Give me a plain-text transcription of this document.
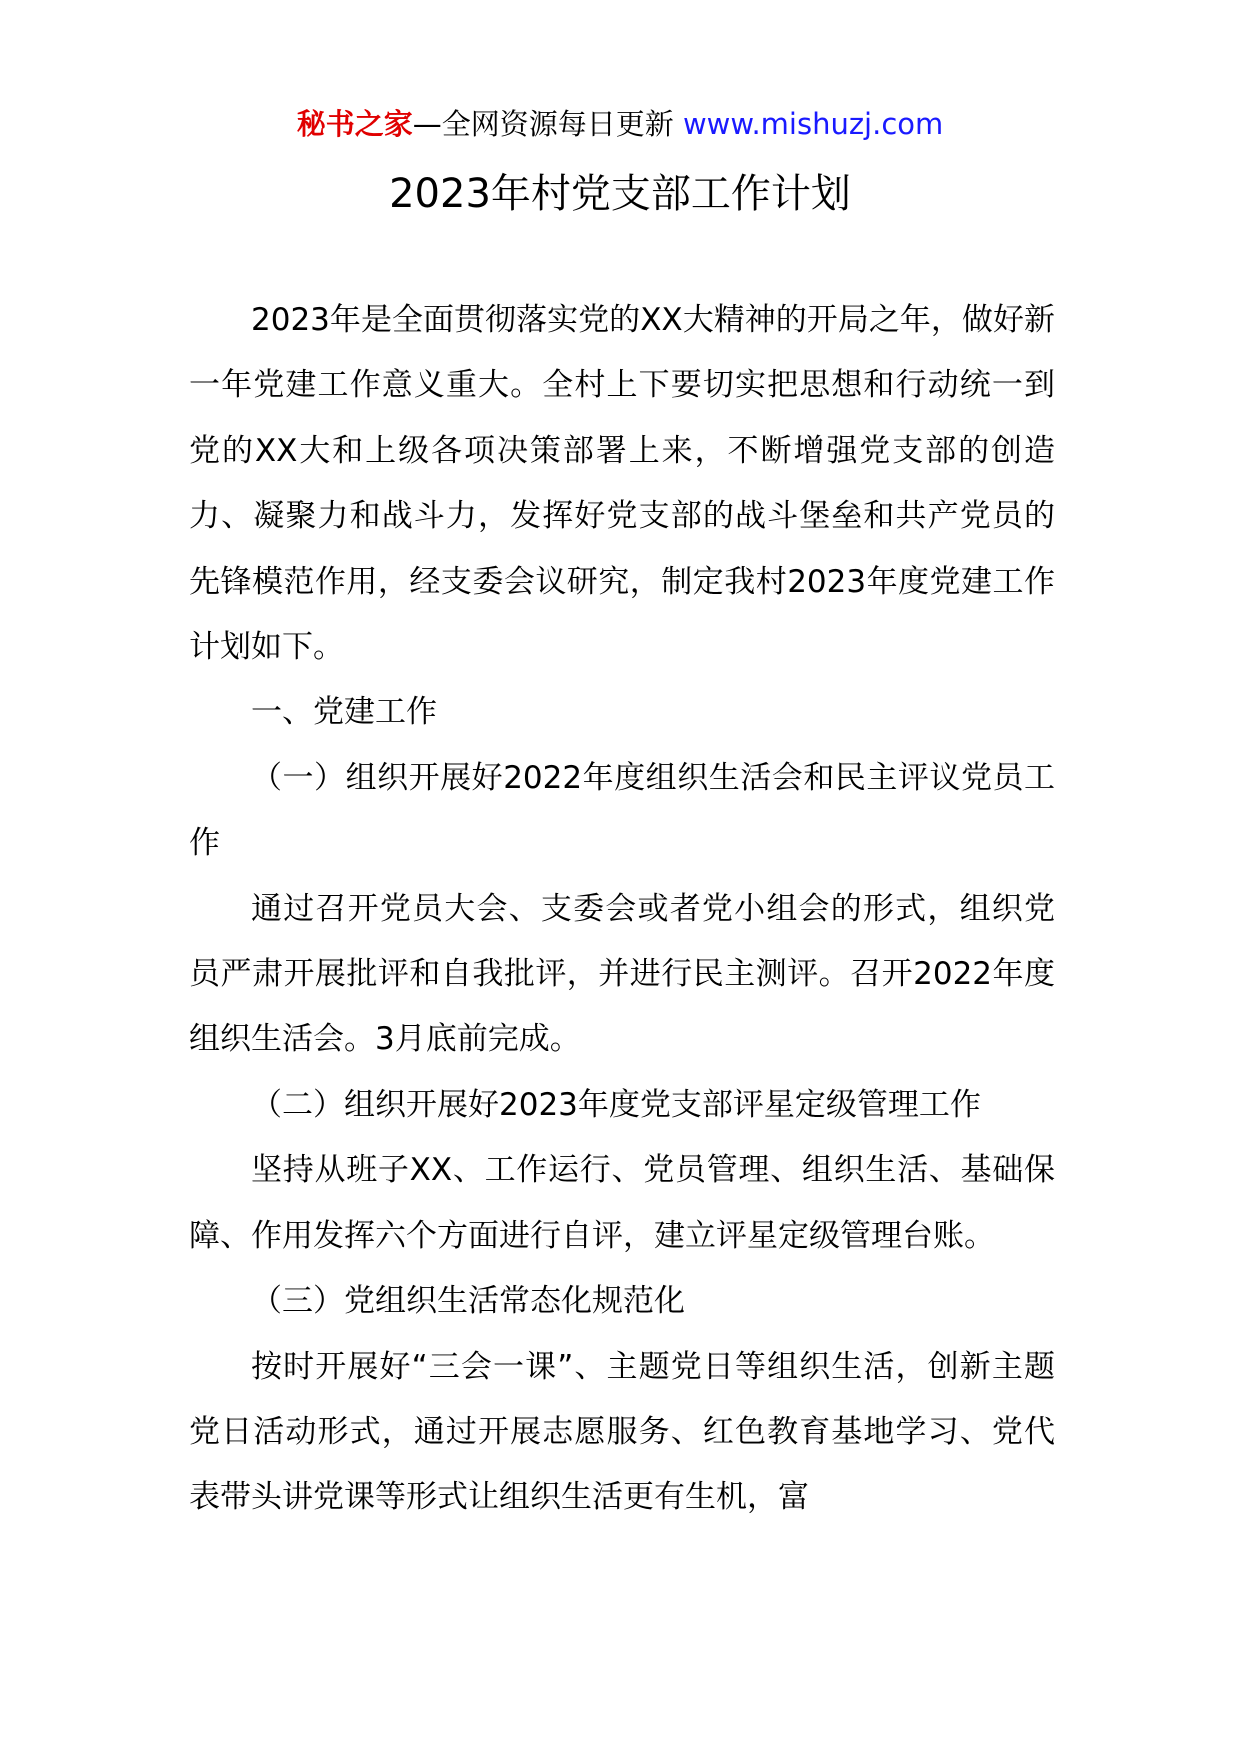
秘书之家—全网资源每日更新 www.mishuzj.com
2023年村党支部工作计划

2023年是全面贯彻落实党的XX大精神的开局之年，做好新一年党建工作意义重大。全村上下要切实把思想和行动统一到党的XX大和上级各项决策部署上来，不断增强党支部的创造力、凝聚力和战斗力，发挥好党支部的战斗堡垒和共产党员的先锋模范作用，经支委会议研究，制定我村2023年度党建工作计划如下。

一、党建工作

（一）组织开展好2022年度组织生活会和民主评议党员工作

通过召开党员大会、支委会或者党小组会的形式，组织党员严肃开展批评和自我批评，并进行民主测评。召开2022年度组织生活会。3月底前完成。

（二）组织开展好2023年度党支部评星定级管理工作

坚持从班子XX、工作运行、党员管理、组织生活、基础保障、作用发挥六个方面进行自评，建立评星定级管理台账。

（三）党组织生活常态化规范化

按时开展好“三会一课”、主题党日等组织生活，创新主题党日活动形式，通过开展志愿服务、红色教育基地学习、党代表带头讲党课等形式让组织生活更有生机，富
